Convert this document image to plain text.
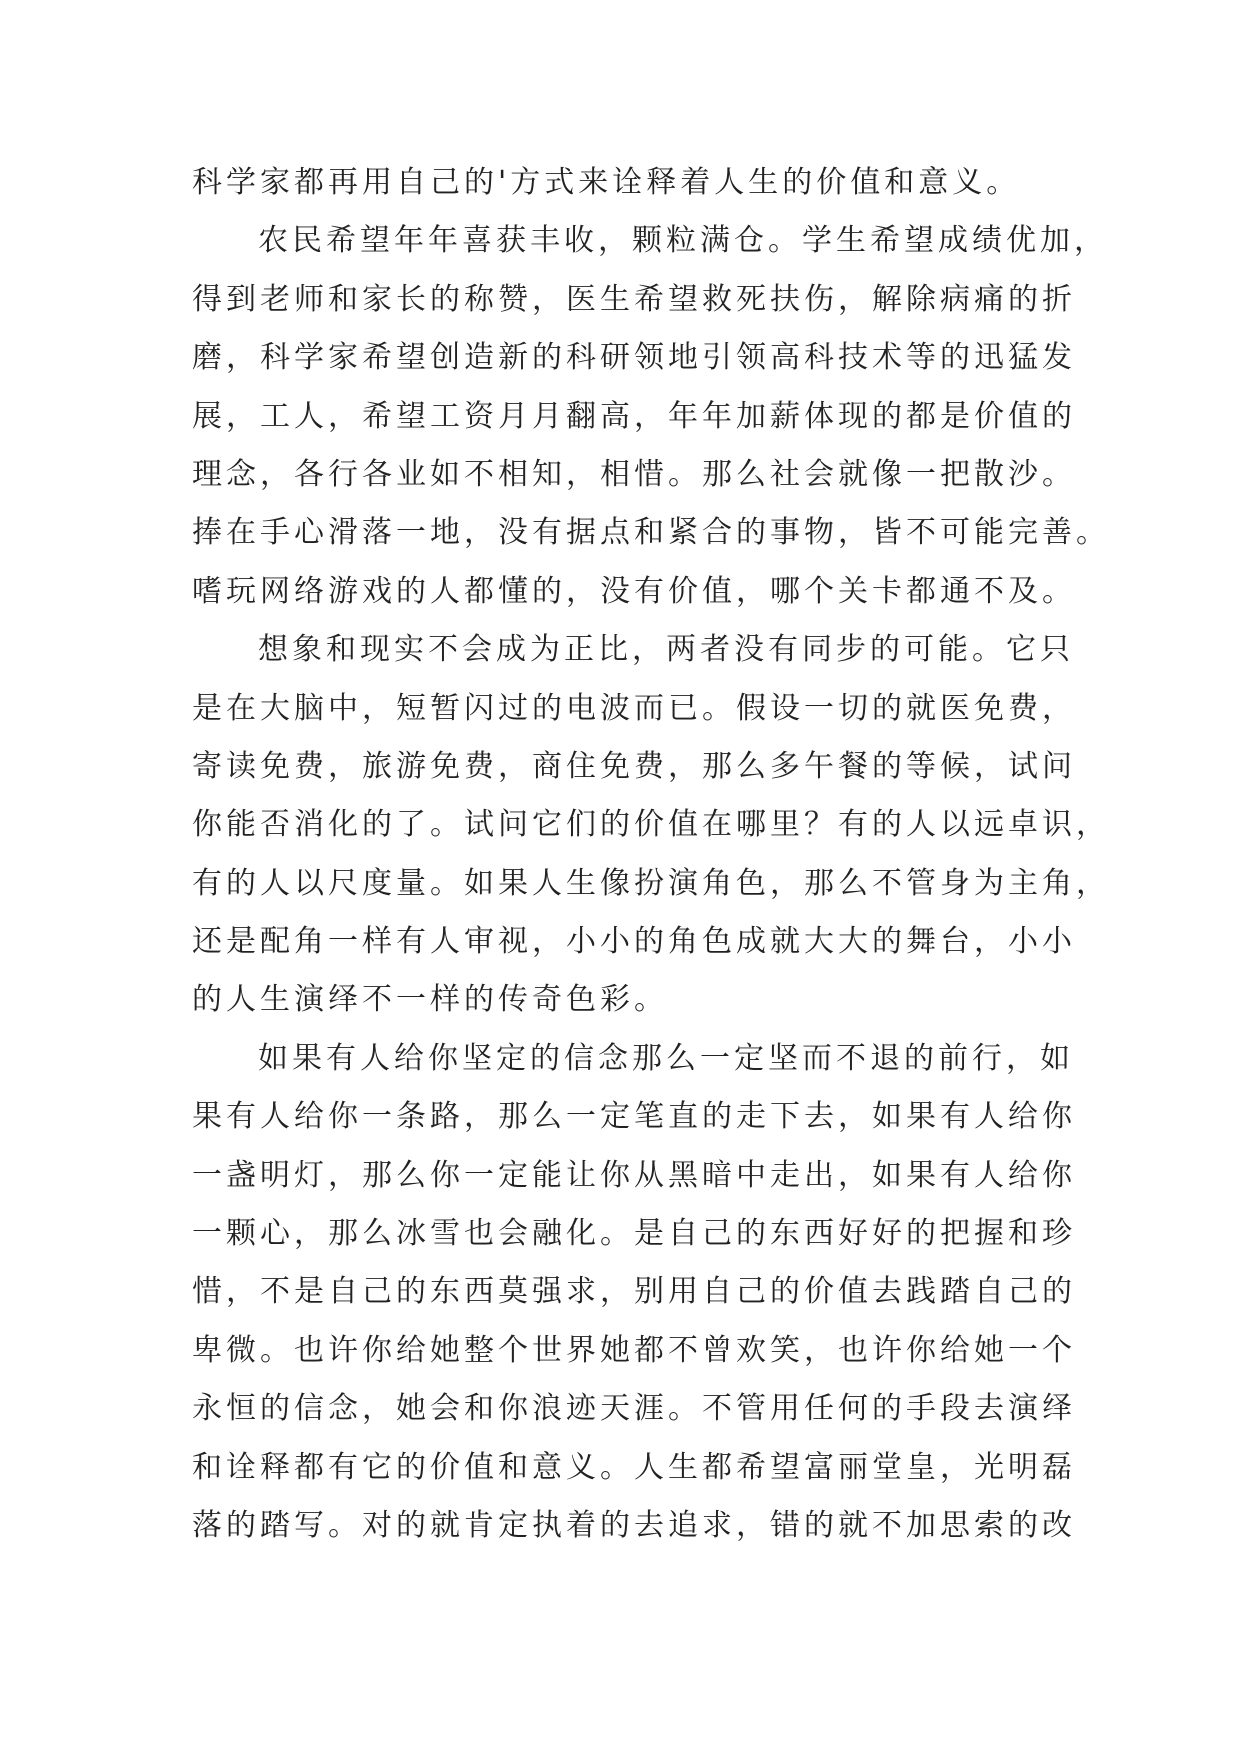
科学家都再用自己的'方式来诠释着人生的价值和意义。
农民希望年年喜获丰收，颗粒满仓。学生希望成绩优加，
得到老师和家长的称赞，医生希望救死扶伤，解除病痛的折
磨，科学家希望创造新的科研领地引领高科技术等的迅猛发
展，工人，希望工资月月翻高，年年加薪体现的都是价值的
理念，各行各业如不相知，相惜。那么社会就像一把散沙。
捧在手心滑落一地，没有据点和紧合的事物，皆不可能完善。
嗜玩网络游戏的人都懂的，没有价值，哪个关卡都通不及。
想象和现实不会成为正比，两者没有同步的可能。它只
是在大脑中，短暂闪过的电波而已。假设一切的就医免费，
寄读免费，旅游免费，商住免费，那么多午餐的等候，试问
你能否消化的了。试问它们的价值在哪里？有的人以远卓识，
有的人以尺度量。如果人生像扮演角色，那么不管身为主角，
还是配角一样有人审视，小小的角色成就大大的舞台，小小
的人生演绎不一样的传奇色彩。
如果有人给你坚定的信念那么一定坚而不退的前行，如
果有人给你一条路，那么一定笔直的走下去，如果有人给你
一盏明灯，那么你一定能让你从黑暗中走出，如果有人给你
一颗心，那么冰雪也会融化。是自己的东西好好的把握和珍
惜，不是自己的东西莫强求，别用自己的价值去践踏自己的
卑微。也许你给她整个世界她都不曾欢笑，也许你给她一个
永恒的信念，她会和你浪迹天涯。不管用任何的手段去演绎
和诠释都有它的价值和意义。人生都希望富丽堂皇，光明磊
落的踏写。对的就肯定执着的去追求，错的就不加思索的改
